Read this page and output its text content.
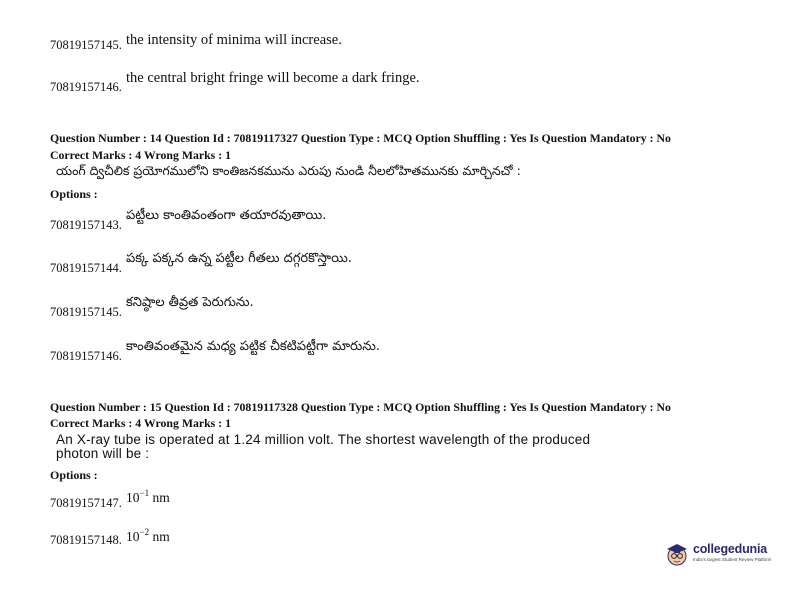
70819157145. the intensity of minima will increase.
70819157146.
the central bright fringe will become a dark fringe.
Question Number : 14 Question Id : 70819117327 Question Type : MCQ Option Shuffling : Yes Is Question Mandatory : No
Correct Marks : 4 Wrong Marks : 1
యంగ్ ద్విచీలిక ప్రయోగములోని కాంతిజనకమును ఎరుపు నుండి నీలలోహితమునకు మార్చినచో :
Options :
70819157143.
పట్టీలు కాంతివంతంగా తయారవుతాయి.
70819157144.
పక్క పక్కన ఉన్న పట్టీల గీతలు దగ్గరకొస్తాయి.
70819157145.
కనిష్ఠాల తీవ్రత పెరుగును.
70819157146.
కాంతివంతమైన మధ్య పట్టిక చీకటిపట్టీగా మారును.
Question Number : 15 Question Id : 70819117328 Question Type : MCQ Option Shuffling : Yes Is Question Mandatory : No
Correct Marks : 4 Wrong Marks : 1
An X-ray tube is operated at 1.24 million volt. The shortest wavelength of the produced photon will be :
Options :
70819157147. $10^{-1}$ nm
70819157148. $10^{-2}$ nm
collegedunia
India's largest Student Review Platform
